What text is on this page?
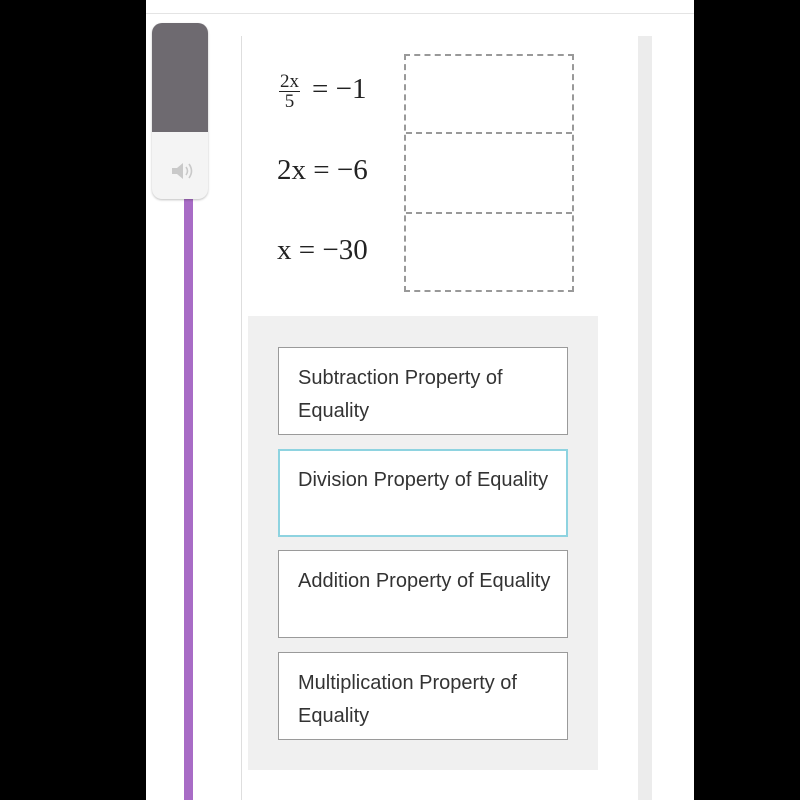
$\frac{2x}{5} = -1$
2x = −6
x = −30
Subtraction Property of Equality
Division Property of Equality
Addition Property of Equality
Multiplication Property of Equality
